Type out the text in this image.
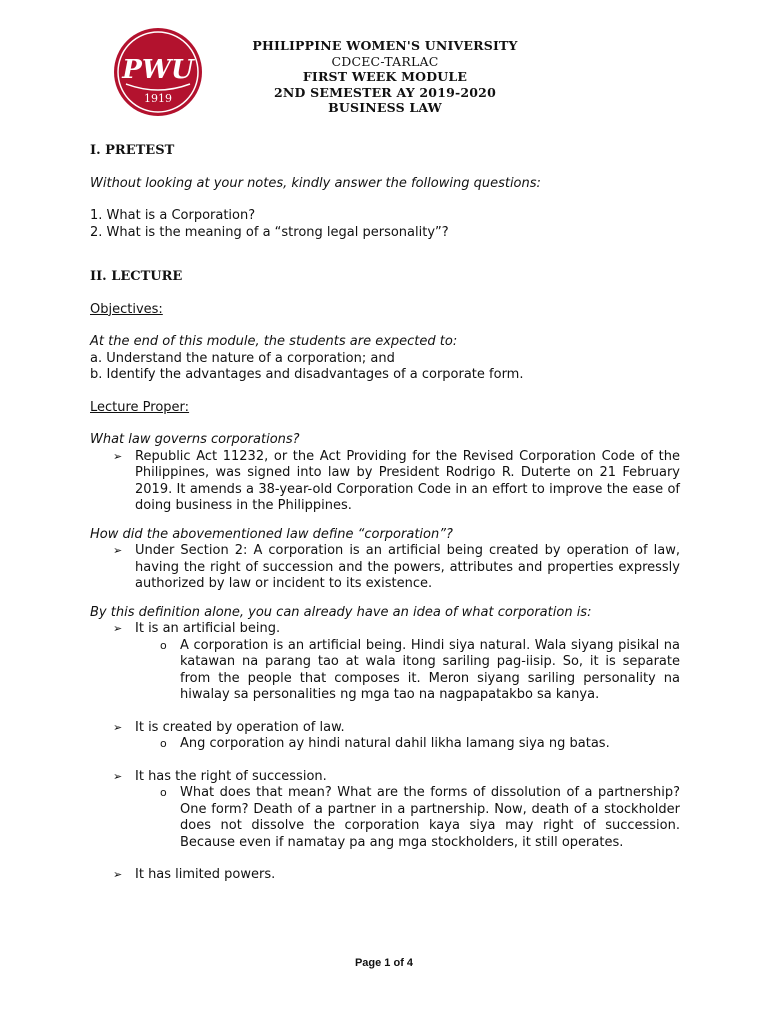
PWU
1919
PHILIPPINE WOMEN'S UNIVERSITY
CDCEC-TARLAC
FIRST WEEK MODULE
2ND SEMESTER AY 2019-2020
BUSINESS LAW

I. PRETEST

Without looking at your notes, kindly answer the following questions:

1. What is a Corporation?

2. What is the meaning of a “strong legal personality”?

II. LECTURE

Objectives:

At the end of this module, the students are expected to:

a. Understand the nature of a corporation; and

b. Identify the advantages and disadvantages of a corporate form.

Lecture Proper:

What law governs corporations?

➢ Republic Act 11232, or the Act Providing for the Revised Corporation Code of the Philippines, was signed into law by President Rodrigo R. Duterte on 21 February 2019. It amends a 38-year-old Corporation Code in an effort to improve the ease of doing business in the Philippines.

How did the abovementioned law define “corporation”?

➢ Under Section 2: A corporation is an artificial being created by operation of law, having the right of succession and the powers, attributes and properties expressly authorized by law or incident to its existence.

By this definition alone, you can already have an idea of what corporation is:

➢ It is an artificial being.
o A corporation is an artificial being. Hindi siya natural. Wala siyang pisikal na katawan na parang tao at wala itong sariling pag-iisip. So, it is separate from the people that composes it. Meron siyang sariling personality na hiwalay sa personalities ng mga tao na nagpapatakbo sa kanya.
➢ It is created by operation of law.
o Ang corporation ay hindi natural dahil likha lamang siya ng batas.
➢ It has the right of succession.
o What does that mean? What are the forms of dissolution of a partnership? One form? Death of a partner in a partnership. Now, death of a stockholder does not dissolve the corporation kaya siya may right of succession. Because even if namatay pa ang mga stockholders, it still operates.
➢ It has limited powers.
Page 1 of 4
